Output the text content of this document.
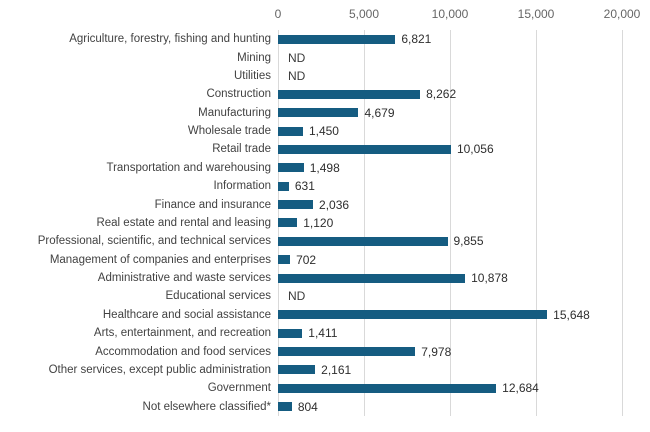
0	5,000	10,000	15,000	20,000
Agriculture, forestry, fishing and hunting	6,821
Mining	ND
Utilities	ND
Construction	8,262
Manufacturing	4,679
Wholesale trade	1,450
Retail trade	10,056
Transportation and warehousing	1,498
Information	631
Finance and insurance	2,036
Real estate and rental and leasing	1,120
Professional, scientific, and technical services	9,855
Management of companies and enterprises	702
Administrative and waste services	10,878
Educational services	ND
Healthcare and social assistance	15,648
Arts, entertainment, and recreation	1,411
Accommodation and food services	7,978
Other services, except public administration	2,161
Government	12,684
Not elsewhere classified*	804
